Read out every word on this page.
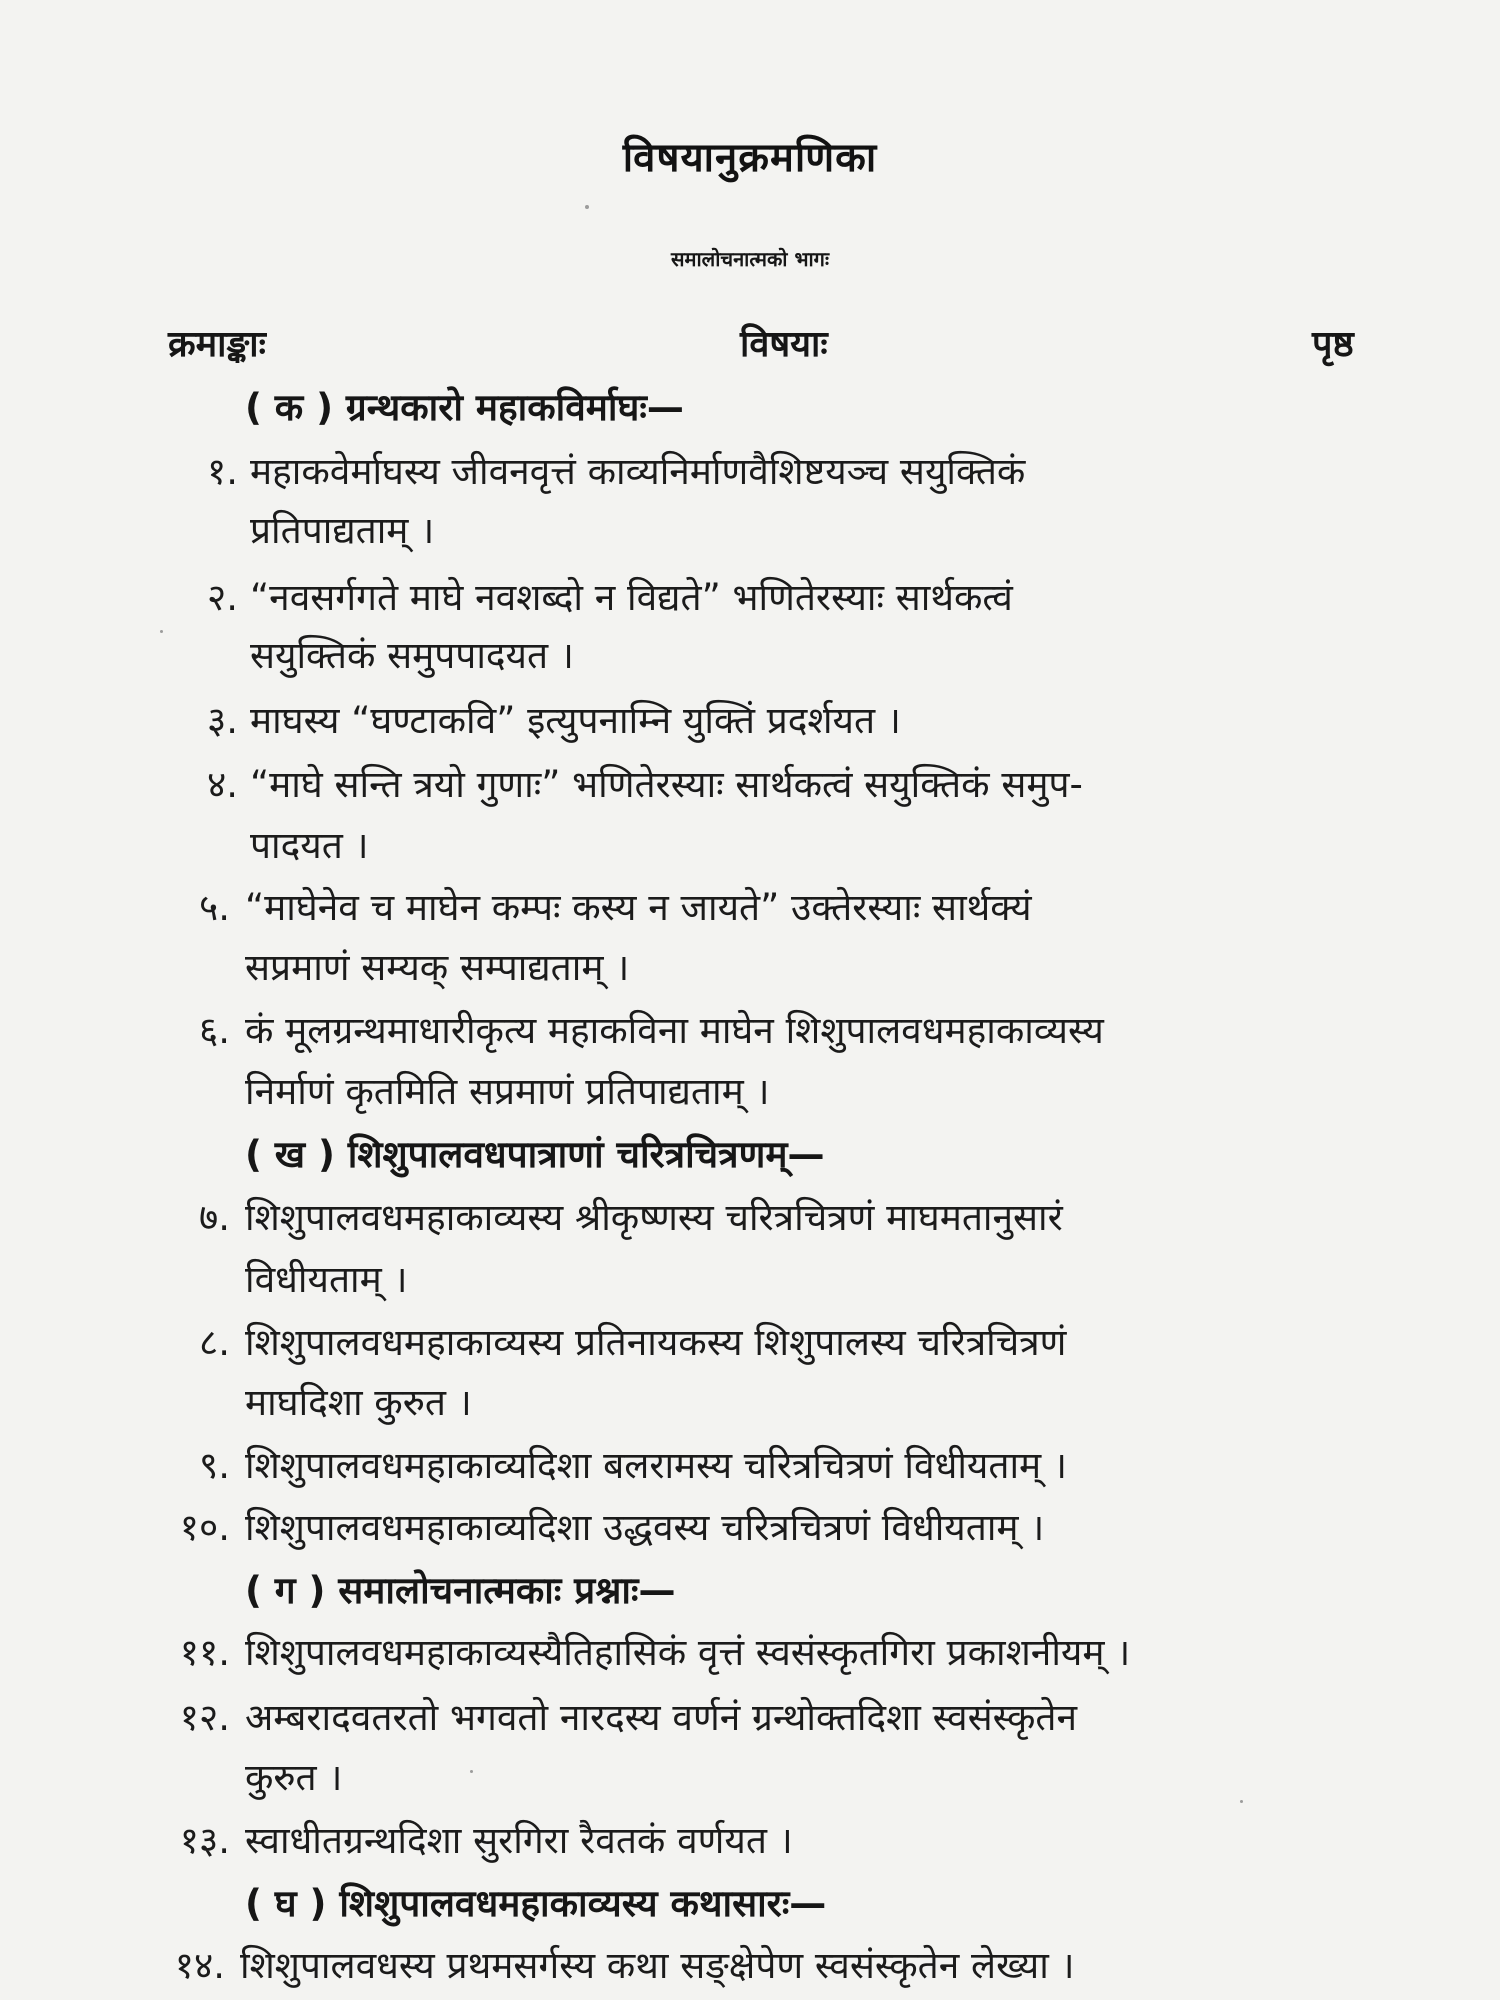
विषयानुक्रमणिका
समालोचनात्मको भागः
क्रमाङ्काः	विषयाः	पृष्ठ
( क ) ग्रन्थकारो महाकविर्माघः—
१. महाकवेर्माघस्य जीवनवृत्तं काव्यनिर्माणवैशिष्टयञ्च सयुक्तिकं
प्रतिपाद्यताम् ।
२. “नवसर्गगते माघे नवशब्दो न विद्यते” भणितेरस्याः सार्थकत्वं
सयुक्तिकं समुपपादयत ।
३. माघस्य “घण्टाकवि” इत्युपनाम्नि युक्तिं प्रदर्शयत ।
४. “माघे सन्ति त्रयो गुणाः” भणितेरस्याः सार्थकत्वं सयुक्तिकं समुप-
पादयत ।
५. “माघेनेव च माघेन कम्पः कस्य न जायते” उक्तेरस्याः सार्थक्यं
सप्रमाणं सम्यक् सम्पाद्यताम् ।
६. कं मूलग्रन्थमाधारीकृत्य महाकविना माघेन शिशुपालवधमहाकाव्यस्य
निर्माणं कृतमिति सप्रमाणं प्रतिपाद्यताम् ।
( ख ) शिशुपालवधपात्राणां चरित्रचित्रणम्—
७. शिशुपालवधमहाकाव्यस्य श्रीकृष्णस्य चरित्रचित्रणं माघमतानुसारं
विधीयताम् ।
८. शिशुपालवधमहाकाव्यस्य प्रतिनायकस्य शिशुपालस्य चरित्रचित्रणं
माघदिशा कुरुत ।
९. शिशुपालवधमहाकाव्यदिशा बलरामस्य चरित्रचित्रणं विधीयताम् ।
१०. शिशुपालवधमहाकाव्यदिशा उद्धवस्य चरित्रचित्रणं विधीयताम् ।
( ग ) समालोचनात्मकाः प्रश्नाः—
११. शिशुपालवधमहाकाव्यस्यैतिहासिकं वृत्तं स्वसंस्कृतगिरा प्रकाशनीयम् ।
१२. अम्बरादवतरतो भगवतो नारदस्य वर्णनं ग्रन्थोक्तदिशा स्वसंस्कृतेन
कुरुत ।
१३. स्वाधीतग्रन्थदिशा सुरगिरा रैवतकं वर्णयत ।
( घ ) शिशुपालवधमहाकाव्यस्य कथासारः—
१४. शिशुपालवधस्य प्रथमसर्गस्य कथा सङ्क्षेपेण स्वसंस्कृतेन लेख्या ।
